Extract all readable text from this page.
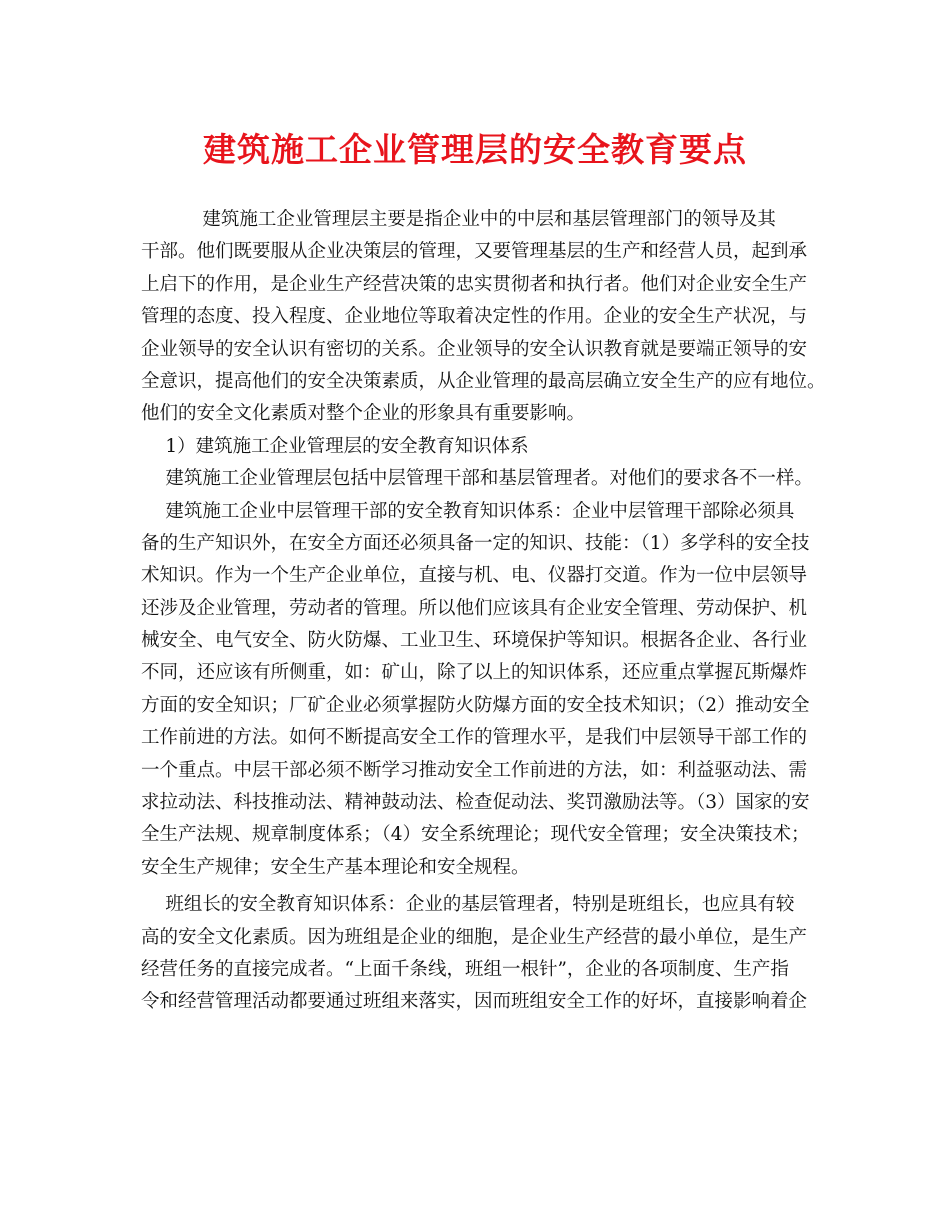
建筑施工企业管理层的安全教育要点
　　　 建筑施工企业管理层主要是指企业中的中层和基层管理部门的领导及其
干部。他们既要服从企业决策层的管理，又要管理基层的生产和经营人员，起到承
上启下的作用，是企业生产经营决策的忠实贯彻者和执行者。他们对企业安全生产
管理的态度、投入程度、企业地位等取着决定性的作用。企业的安全生产状况，与
企业领导的安全认识有密切的关系。企业领导的安全认识教育就是要端正领导的安
全意识，提高他们的安全决策素质，从企业管理的最高层确立安全生产的应有地位。
他们的安全文化素质对整个企业的形象具有重要影响。
　 1）建筑施工企业管理层的安全教育知识体系
　 建筑施工企业管理层包括中层管理干部和基层管理者。对他们的要求各不一样。
　 建筑施工企业中层管理干部的安全教育知识体系：企业中层管理干部除必须具
备的生产知识外，在安全方面还必须具备一定的知识、技能：（1）多学科的安全技
术知识。作为一个生产企业单位，直接与机、电、仪器打交道。作为一位中层领导
还涉及企业管理，劳动者的管理。所以他们应该具有企业安全管理、劳动保护、机
械安全、电气安全、防火防爆、工业卫生、环境保护等知识。根据各企业、各行业
不同，还应该有所侧重，如：矿山，除了以上的知识体系，还应重点掌握瓦斯爆炸
方面的安全知识；厂矿企业必须掌握防火防爆方面的安全技术知识；（2）推动安全
工作前进的方法。如何不断提高安全工作的管理水平，是我们中层领导干部工作的
一个重点。中层干部必须不断学习推动安全工作前进的方法，如：利益驱动法、需
求拉动法、科技推动法、精神鼓动法、检查促动法、奖罚激励法等。（3）国家的安
全生产法规、规章制度体系；（4）安全系统理论；现代安全管理；安全决策技术；
安全生产规律；安全生产基本理论和安全规程。
　 班组长的安全教育知识体系：企业的基层管理者，特别是班组长，也应具有较
高的安全文化素质。因为班组是企业的细胞，是企业生产经营的最小单位，是生产
经营任务的直接完成者。“上面千条线，班组一根针”，企业的各项制度、生产指
令和经营管理活动都要通过班组来落实，因而班组安全工作的好坏，直接影响着企
